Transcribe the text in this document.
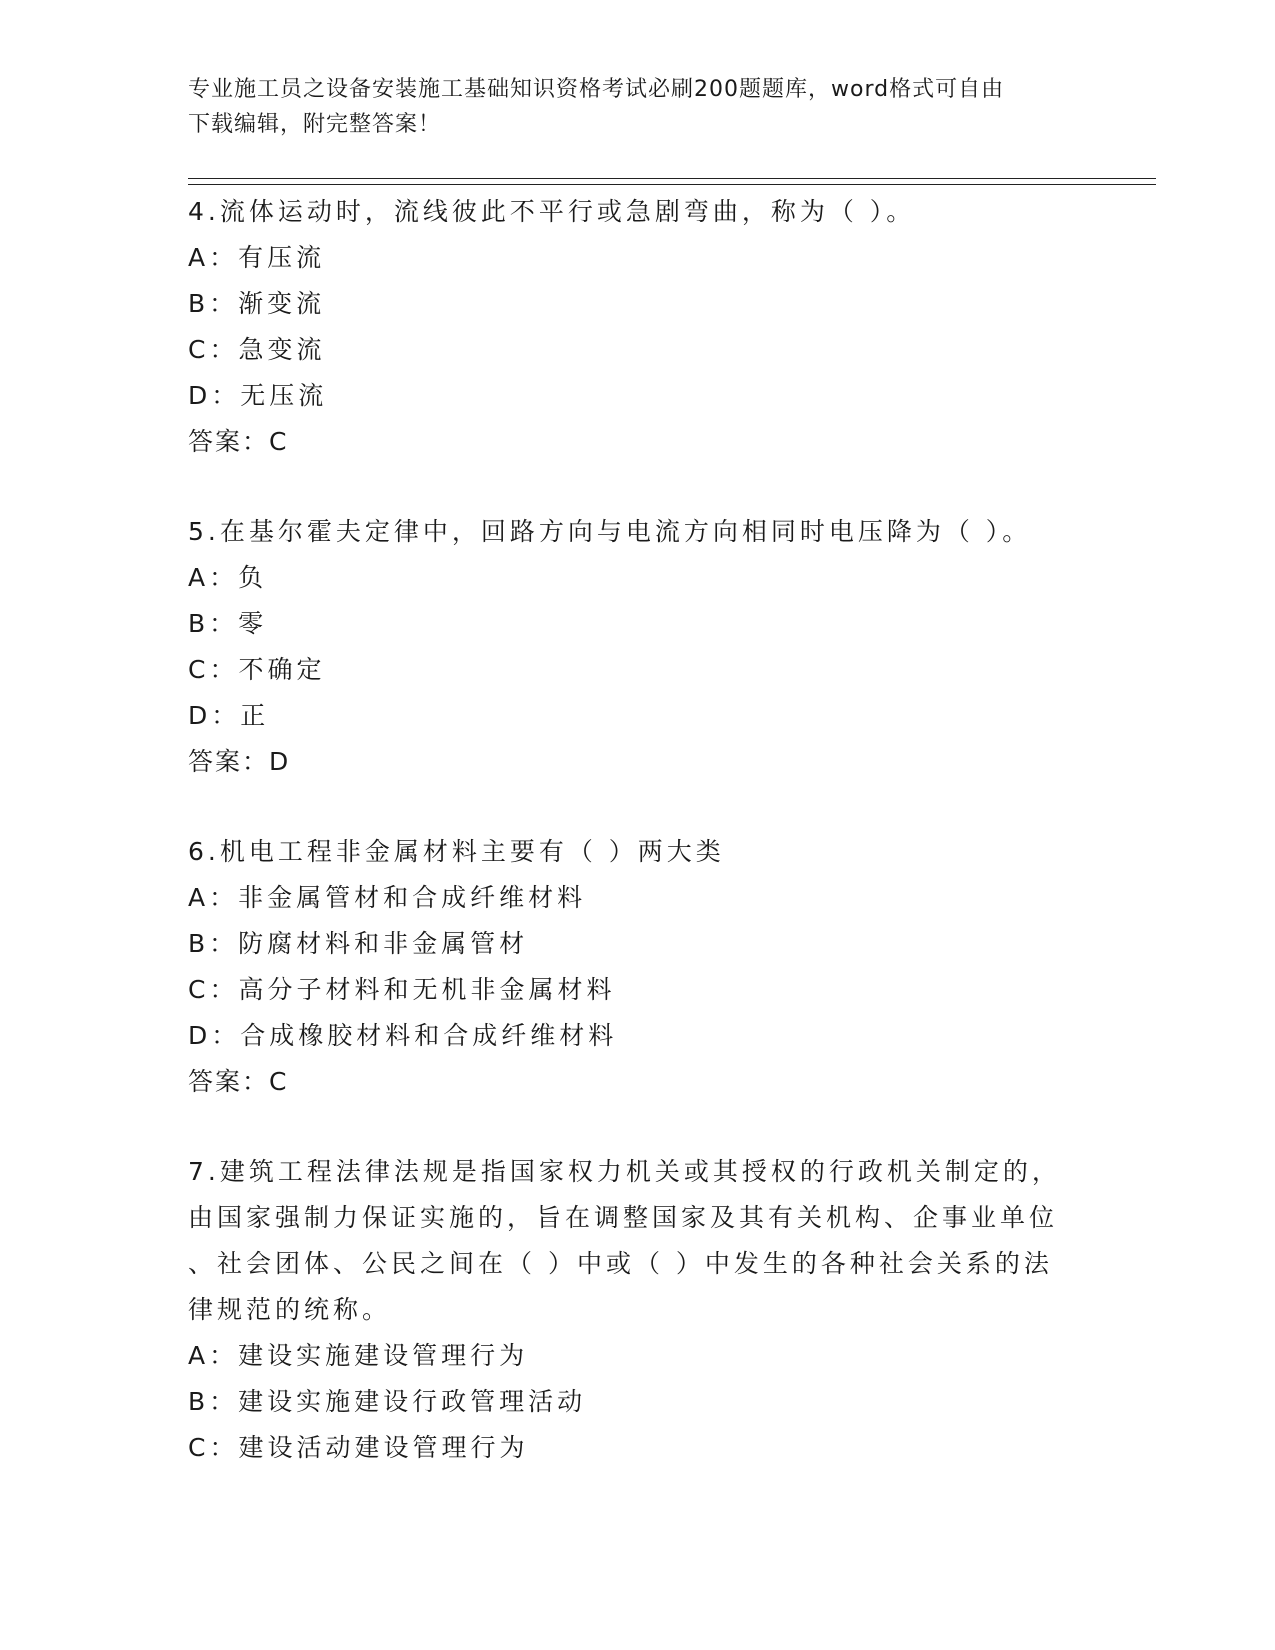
专业施工员之设备安装施工基础知识资格考试必刷200题题库，word格式可自由
下载编辑，附完整答案！
4.流体运动时，流线彼此不平行或急剧弯曲，称为（ ）。
A：有压流
B：渐变流
C：急变流
D：无压流
答案：C
5.在基尔霍夫定律中，回路方向与电流方向相同时电压降为（ ）。
A：负
B：零
C：不确定
D：正
答案：D
6.机电工程非金属材料主要有（ ）两大类
A：非金属管材和合成纤维材料
B：防腐材料和非金属管材
C：高分子材料和无机非金属材料
D：合成橡胶材料和合成纤维材料
答案：C
7.建筑工程法律法规是指国家权力机关或其授权的行政机关制定的，
由国家强制力保证实施的，旨在调整国家及其有关机构、企事业单位
、社会团体、公民之间在（ ）中或（ ）中发生的各种社会关系的法
律规范的统称。
A：建设实施建设管理行为
B：建设实施建设行政管理活动
C：建设活动建设管理行为
